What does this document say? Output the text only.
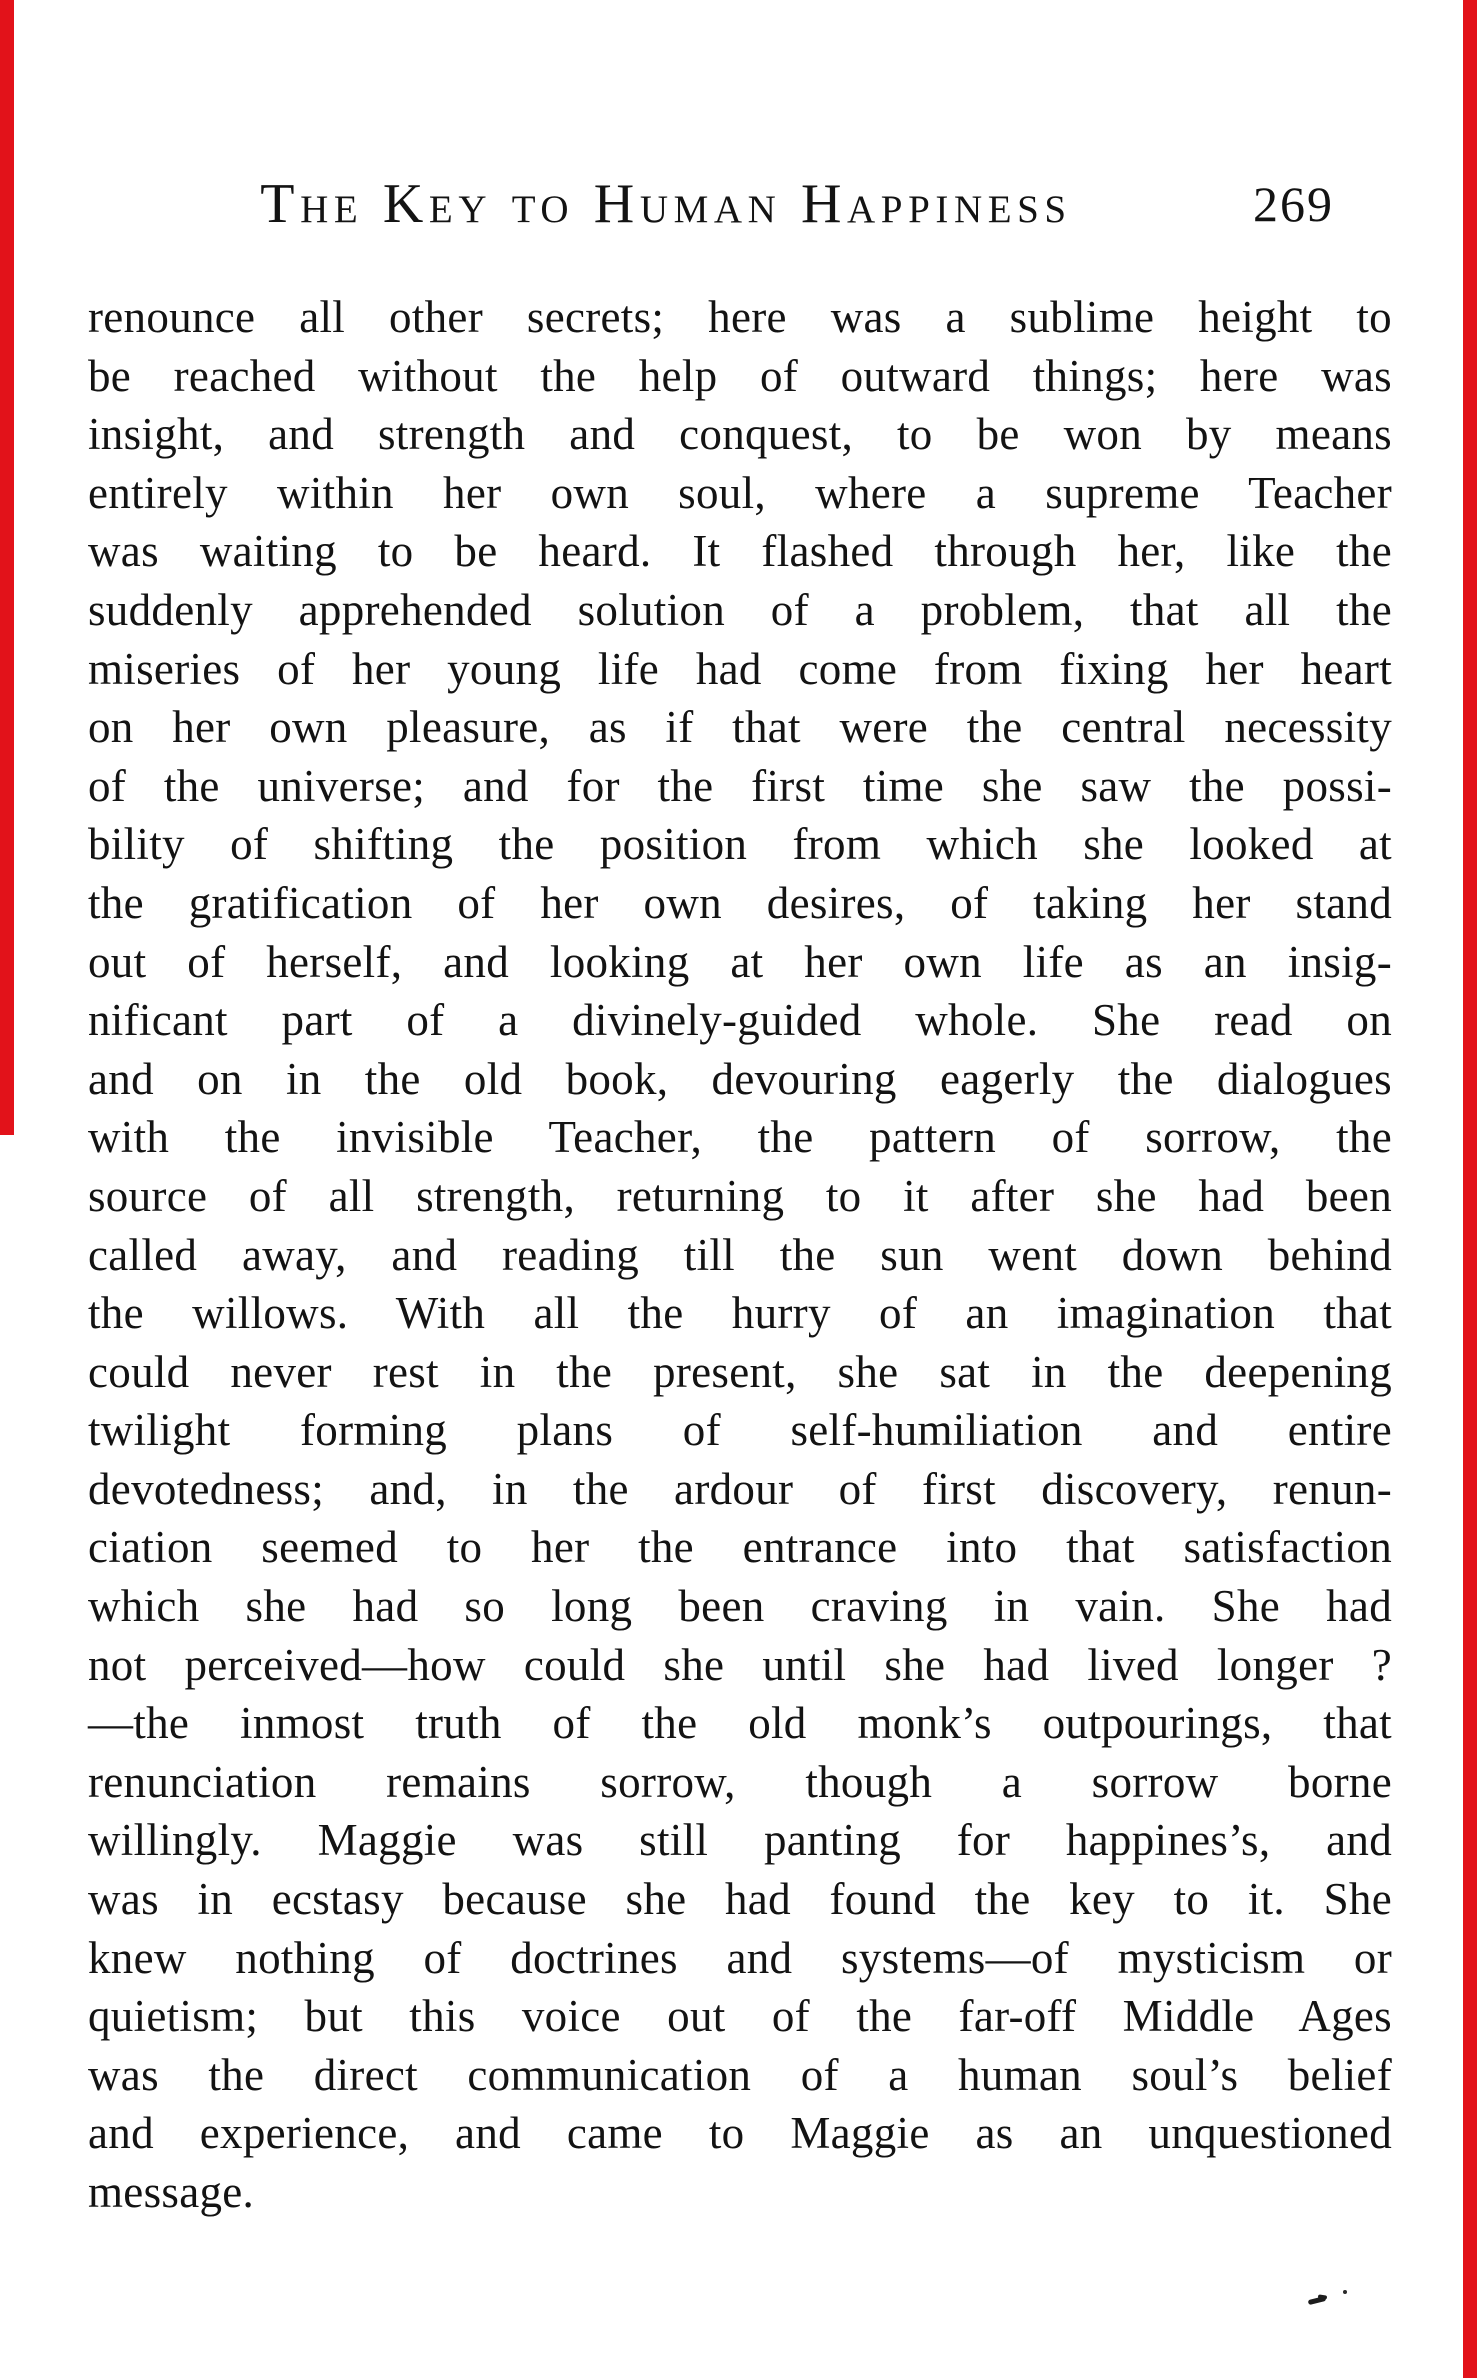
The Key to Human Happiness	269
renounce all other secrets; here was a sublime height to
be reached without the help of outward things; here was
insight, and strength and conquest, to be won by means
entirely within her own soul, where a supreme Teacher
was waiting to be heard. It flashed through her, like the
suddenly apprehended solution of a problem, that all the
miseries of her young life had come from fixing her heart
on her own pleasure, as if that were the central necessity
of the universe; and for the first time she saw the possi-
bility of shifting the position from which she looked at
the gratification of her own desires, of taking her stand
out of herself, and looking at her own life as an insig-
nificant part of a divinely-guided whole. She read on
and on in the old book, devouring eagerly the dialogues
with the invisible Teacher, the pattern of sorrow, the
source of all strength, returning to it after she had been
called away, and reading till the sun went down behind
the willows. With all the hurry of an imagination that
could never rest in the present, she sat in the deepening
twilight forming plans of self-humiliation and entire
devotedness; and, in the ardour of first discovery, renun-
ciation seemed to her the entrance into that satisfaction
which she had so long been craving in vain. She had
not perceived—how could she until she had lived longer ?
—the inmost truth of the old monk’s outpourings, that
renunciation remains sorrow, though a sorrow borne
willingly. Maggie was still panting for happines’s, and
was in ecstasy because she had found the key to it. She
knew nothing of doctrines and systems—of mysticism or
quietism; but this voice out of the far-off Middle Ages
was the direct communication of a human soul’s belief
and experience, and came to Maggie as an unquestioned
message.
